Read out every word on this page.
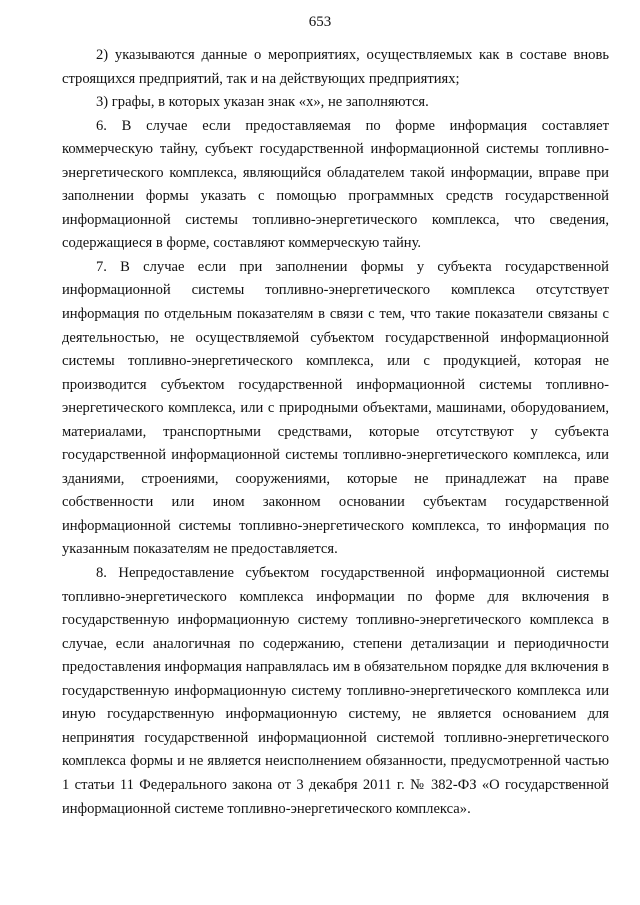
653

2) указываются данные о мероприятиях, осуществляемых как в составе вновь строящихся предприятий, так и на действующих предприятиях;

3) графы, в которых указан знак «х», не заполняются.

6. В случае если предоставляемая по форме информация составляет коммерческую тайну, субъект государственной информационной системы топливно-энергетического комплекса, являющийся обладателем такой информации, вправе при заполнении формы указать с помощью программных средств государственной информационной системы топливно-энергетического комплекса, что сведения, содержащиеся в форме, составляют коммерческую тайну.

7. В случае если при заполнении формы у субъекта государственной информационной системы топливно-энергетического комплекса отсутствует информация по отдельным показателям в связи с тем, что такие показатели связаны с деятельностью, не осуществляемой субъектом государственной информационной системы топливно-энергетического комплекса, или с продукцией, которая не производится субъектом государственной информационной системы топливно-энергетического комплекса, или с природными объектами, машинами, оборудованием, материалами, транспортными средствами, которые отсутствуют у субъекта государственной информационной системы топливно-энергетического комплекса, или зданиями, строениями, сооружениями, которые не принадлежат на праве собственности или ином законном основании субъектам государственной информационной системы топливно-энергетического комплекса, то информация по указанным показателям не предоставляется.

8. Непредоставление субъектом государственной информационной системы топливно-энергетического комплекса информации по форме для включения в государственную информационную систему топливно-энергетического комплекса в случае, если аналогичная по содержанию, степени детализации и периодичности предоставления информация направлялась им в обязательном порядке для включения в государственную информационную систему топливно-энергетического комплекса или иную государственную информационную систему, не является основанием для непринятия государственной информационной системой топливно-энергетического комплекса формы и не является неисполнением обязанности, предусмотренной частью 1 статьи 11 Федерального закона от 3 декабря 2011 г. № 382-ФЗ «О государственной информационной системе топливно-энергетического комплекса».
